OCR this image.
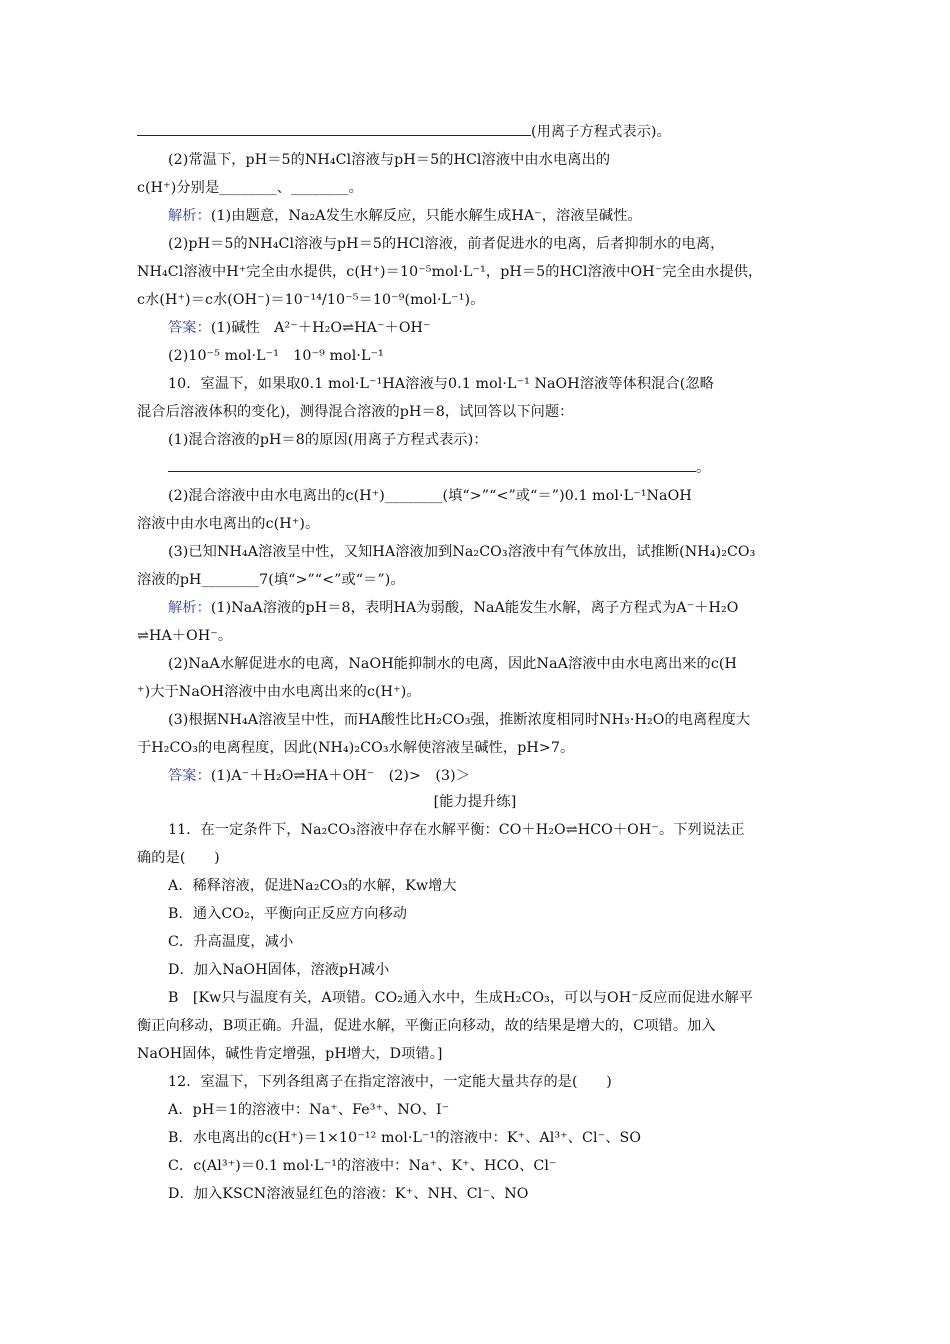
(用离子方程式表示)。
(2)常温下，pH＝5的NH₄Cl溶液与pH＝5的HCl溶液中由水电离出的
c(H⁺)分别是________、________。
解析：(1)由题意，Na₂A发生水解反应，只能水解生成HA⁻，溶液呈碱性。
(2)pH＝5的NH₄Cl溶液与pH＝5的HCl溶液，前者促进水的电离，后者抑制水的电离，
NH₄Cl溶液中H⁺完全由水提供，c(H⁺)＝10⁻⁵mol·L⁻¹，pH＝5的HCl溶液中OH⁻完全由水提供，
c水(H⁺)＝c水(OH⁻)＝10⁻¹⁴/10⁻⁵＝10⁻⁹(mol·L⁻¹)。
答案：(1)碱性　A²⁻＋H₂O⇌HA⁻＋OH⁻
(2)10⁻⁵ mol·L⁻¹　10⁻⁹ mol·L⁻¹
10．室温下，如果取0.1 mol·L⁻¹HA溶液与0.1 mol·L⁻¹ NaOH溶液等体积混合(忽略
混合后溶液体积的变化)，测得混合溶液的pH＝8，试回答以下问题：
(1)混合溶液的pH＝8的原因(用离子方程式表示)：
。
(2)混合溶液中由水电离出的c(H⁺)________(填“>”“<”或“＝”)0.1 mol·L⁻¹NaOH
溶液中由水电离出的c(H⁺)。
(3)已知NH₄A溶液呈中性，又知HA溶液加到Na₂CO₃溶液中有气体放出，试推断(NH₄)₂CO₃
溶液的pH________7(填“>”“<”或“＝”)。
解析：(1)NaA溶液的pH＝8，表明HA为弱酸，NaA能发生水解，离子方程式为A⁻＋H₂O
⇌HA＋OH⁻。
(2)NaA水解促进水的电离，NaOH能抑制水的电离，因此NaA溶液中由水电离出来的c(H
⁺)大于NaOH溶液中由水电离出来的c(H⁺)。
(3)根据NH₄A溶液呈中性，而HA酸性比H₂CO₃强，推断浓度相同时NH₃·H₂O的电离程度大
于H₂CO₃的电离程度，因此(NH₄)₂CO₃水解使溶液呈碱性，pH>7。
答案：(1)A⁻＋H₂O⇌HA＋OH⁻　(2)>　(3)＞
[能力提升练]
11．在一定条件下，Na₂CO₃溶液中存在水解平衡：CO＋H₂O⇌HCO＋OH⁻。下列说法正
确的是(　　)
A．稀释溶液，促进Na₂CO₃的水解，Kw增大
B．通入CO₂，平衡向正反应方向移动
C．升高温度，减小
D．加入NaOH固体，溶液pH减小
B　[Kw只与温度有关，A项错。CO₂通入水中，生成H₂CO₃，可以与OH⁻反应而促进水解平
衡正向移动，B项正确。升温，促进水解，平衡正向移动，故的结果是增大的，C项错。加入
NaOH固体，碱性肯定增强，pH增大，D项错。]
12．室温下，下列各组离子在指定溶液中，一定能大量共存的是(　　)
A．pH＝1的溶液中：Na⁺、Fe³⁺、NO、I⁻
B．水电离出的c(H⁺)＝1×10⁻¹² mol·L⁻¹的溶液中：K⁺、Al³⁺、Cl⁻、SO
C．c(Al³⁺)＝0.1 mol·L⁻¹的溶液中：Na⁺、K⁺、HCO、Cl⁻
D．加入KSCN溶液显红色的溶液：K⁺、NH、Cl⁻、NO
